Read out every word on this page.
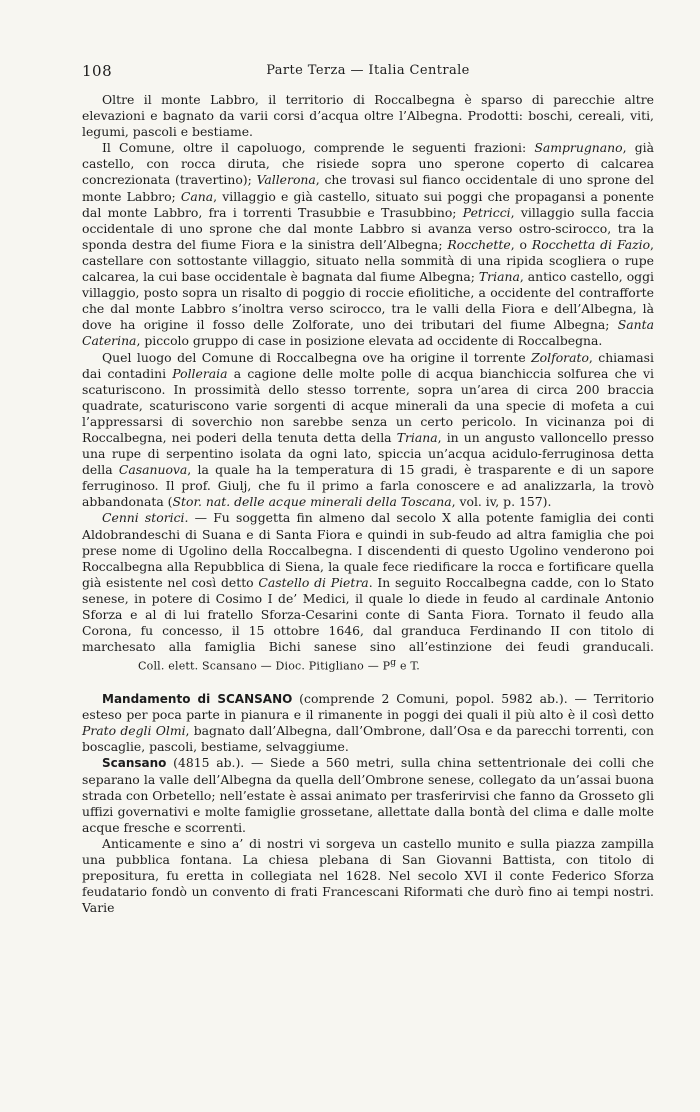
108	Parte Terza — Italia Centrale

Oltre il monte Labbro, il territorio di Roccalbegna è sparso di parecchie altre elevazioni e bagnato da varii corsi d’acqua oltre l’Albegna. Prodotti: boschi, cereali, viti, legumi, pascoli e bestiame.

Il Comune, oltre il capoluogo, comprende le seguenti frazioni: Samprugnano, già castello, con rocca diruta, che risiede sopra uno sperone coperto di calcarea concrezionata (travertino); Vallerona, che trovasi sul fianco occidentale di uno sprone del monte Labbro; Cana, villaggio e già castello, situato sui poggi che propagansi a ponente dal monte Labbro, fra i torrenti Trasubbie e Trasubbino; Petricci, villaggio sulla faccia occidentale di uno sprone che dal monte Labbro si avanza verso ostro-scirocco, tra la sponda destra del fiume Fiora e la sinistra dell’Albegna; Rocchette, o Rocchetta di Fazio, castellare con sottostante villaggio, situato nella sommità di una ripida scogliera o rupe calcarea, la cui base occidentale è bagnata dal fiume Albegna; Triana, antico castello, oggi villaggio, posto sopra un risalto di poggio di roccie efiolitiche, a occidente del contrafforte che dal monte Labbro s’inoltra verso scirocco, tra le valli della Fiora e dell’Albegna, là dove ha origine il fosso delle Zolforate, uno dei tributari del fiume Albegna; Santa Caterina, piccolo gruppo di case in posizione elevata ad occidente di Roccalbegna.

Quel luogo del Comune di Roccalbegna ove ha origine il torrente Zolforato, chiamasi dai contadini Polleraia a cagione delle molte polle di acqua bianchiccia solfurea che vi scaturiscono. In prossimità dello stesso torrente, sopra un’area di circa 200 braccia quadrate, scaturiscono varie sorgenti di acque minerali da una specie di mofeta a cui l’appressarsi di soverchio non sarebbe senza un certo pericolo. In vicinanza poi di Roccalbegna, nei poderi della tenuta detta della Triana, in un angusto valloncello presso una rupe di serpentino isolata da ogni lato, spiccia un’acqua acidulo-ferruginosa detta della Casanuova, la quale ha la temperatura di 15 gradi, è trasparente e di un sapore ferruginoso. Il prof. Giulj, che fu il primo a farla conoscere e ad analizzarla, la trovò abbandonata (Stor. nat. delle acque minerali della Toscana, vol. iv, p. 157).

Cenni storici. — Fu soggetta fin almeno dal secolo X alla potente famiglia dei conti Aldobrandeschi di Suana e di Santa Fiora e quindi in sub-feudo ad altra famiglia che poi prese nome di Ugolino della Roccalbegna. I discendenti di questo Ugolino venderono poi Roccalbegna alla Repubblica di Siena, la quale fece riedificare la rocca e fortificare quella già esistente nel così detto Castello di Pietra. In seguito Roccalbegna cadde, con lo Stato senese, in potere di Cosimo I de’ Medici, il quale lo diede in feudo al cardinale Antonio Sforza e al di lui fratello Sforza-Cesarini conte di Santa Fiora. Tornato il feudo alla Corona, fu concesso, il 15 ottobre 1646, dal granduca Ferdinando II con titolo di marchesato alla famiglia Bichi sanese sino all’estinzione dei feudi granducali.Coll. elett. Scansano — Dioc. Pitigliano — $P^g$ e T.

Mandamento di SCANSANO (comprende 2 Comuni, popol. 5982 ab.). — Territorio esteso per poca parte in pianura e il rimanente in poggi dei quali il più alto è il così detto Prato degli Olmi, bagnato dall’Albegna, dall’Ombrone, dall’Osa e da parecchi torrenti, con boscaglie, pascoli, bestiame, selvaggiume.

Scansano (4815 ab.). — Siede a 560 metri, sulla china settentrionale dei colli che separano la valle dell’Albegna da quella dell’Ombrone senese, collegato da un’assai buona strada con Orbetello; nell’estate è assai animato per trasferirvisi che fanno da Grosseto gli uffizi governativi e molte famiglie grossetane, allettate dalla bontà del clima e dalle molte acque fresche e scorrenti.

Anticamente e sino a’ di nostri vi sorgeva un castello munito e sulla piazza zampilla una pubblica fontana. La chiesa plebana di San Giovanni Battista, con titolo di prepositura, fu eretta in collegiata nel 1628. Nel secolo XVI il conte Federico Sforza feudatario fondò un convento di frati Francescani Riformati che durò fino ai tempi nostri. Varie
